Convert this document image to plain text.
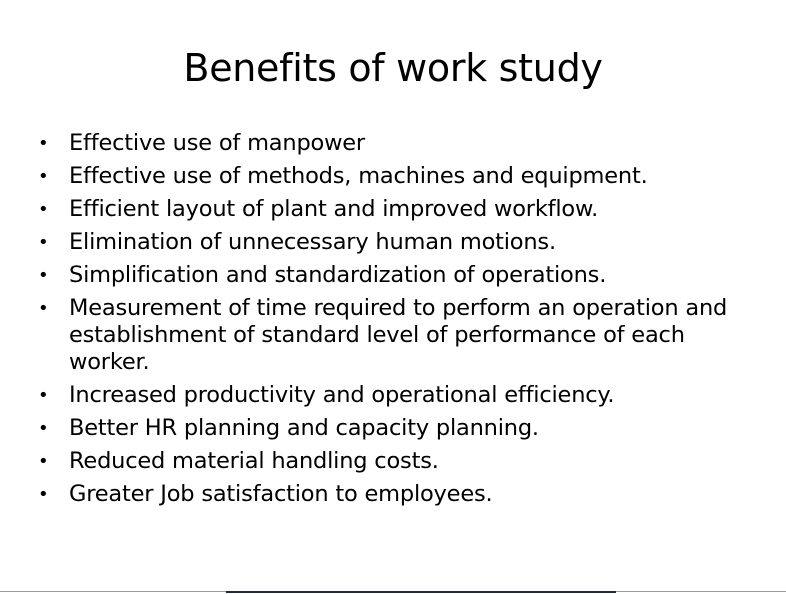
Benefits of work study
• Effective use of manpower
• Effective use of methods, machines and equipment.
• Efficient layout of plant and improved workflow.
• Elimination of unnecessary human motions.
• Simplification and standardization of operations.
• Measurement of time required to perform an operation and establishment of standard level of performance of each worker.
• Increased productivity and operational efficiency.
• Better HR planning and capacity planning.
• Reduced material handling costs.
• Greater Job satisfaction to employees.
